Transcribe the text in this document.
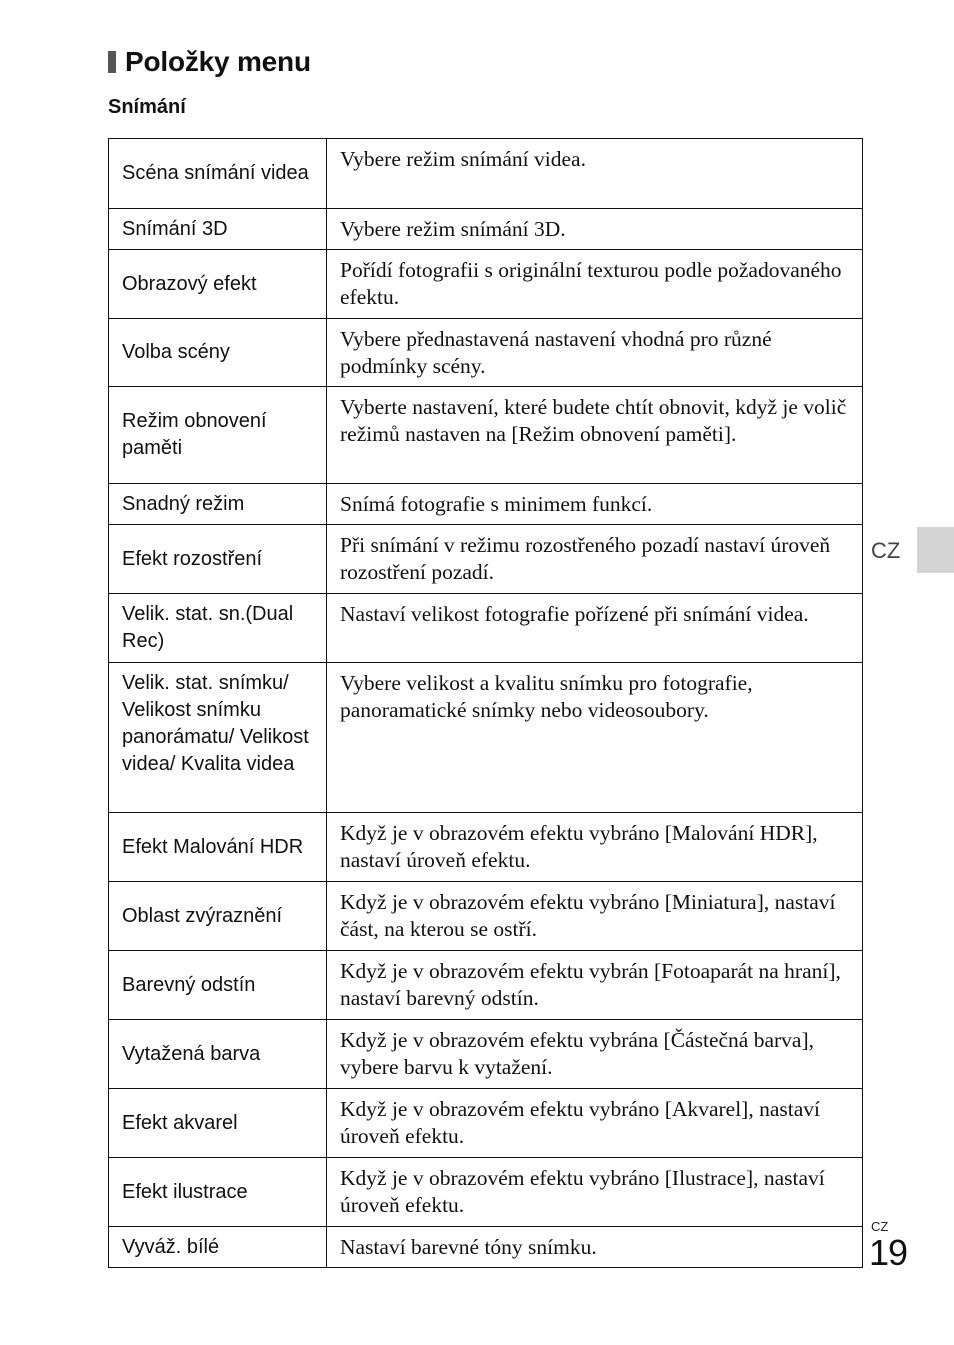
Položky menu
Snímání
Scéna snímání videa	Vybere režim snímání videa.
Snímání 3D	Vybere režim snímání 3D.
Obrazový efekt	Pořídí fotografii s originální texturou podle požadovaného efektu.
Volba scény	Vybere přednastavená nastavení vhodná pro různé podmínky scény.
Režim obnovení paměti	Vyberte nastavení, které budete chtít obnovit, když je volič režimů nastaven na [Režim obnovení paměti].
Snadný režim	Snímá fotografie s minimem funkcí.
Efekt rozostření	Při snímání v režimu rozostřeného pozadí nastaví úroveň rozostření pozadí.
Velik. stat. sn.(Dual Rec)	Nastaví velikost fotografie pořízené při snímání videa.
Velik. stat. snímku/ Velikost snímku panorámatu/ Velikost videa/ Kvalita videa	Vybere velikost a kvalitu snímku pro fotografie, panoramatické snímky nebo videosoubory.
Efekt Malování HDR	Když je v obrazovém efektu vybráno [Malování HDR], nastaví úroveň efektu.
Oblast zvýraznění	Když je v obrazovém efektu vybráno [Miniatura], nastaví část, na kterou se ostří.
Barevný odstín	Když je v obrazovém efektu vybrán [Fotoaparát na hraní], nastaví barevný odstín.
Vytažená barva	Když je v obrazovém efektu vybrána [Částečná barva], vybere barvu k vytažení.
Efekt akvarel	Když je v obrazovém efektu vybráno [Akvarel], nastaví úroveň efektu.
Efekt ilustrace	Když je v obrazovém efektu vybráno [Ilustrace], nastaví úroveň efektu.
Vyváž. bílé	Nastaví barevné tóny snímku.
CZ
CZ
19
